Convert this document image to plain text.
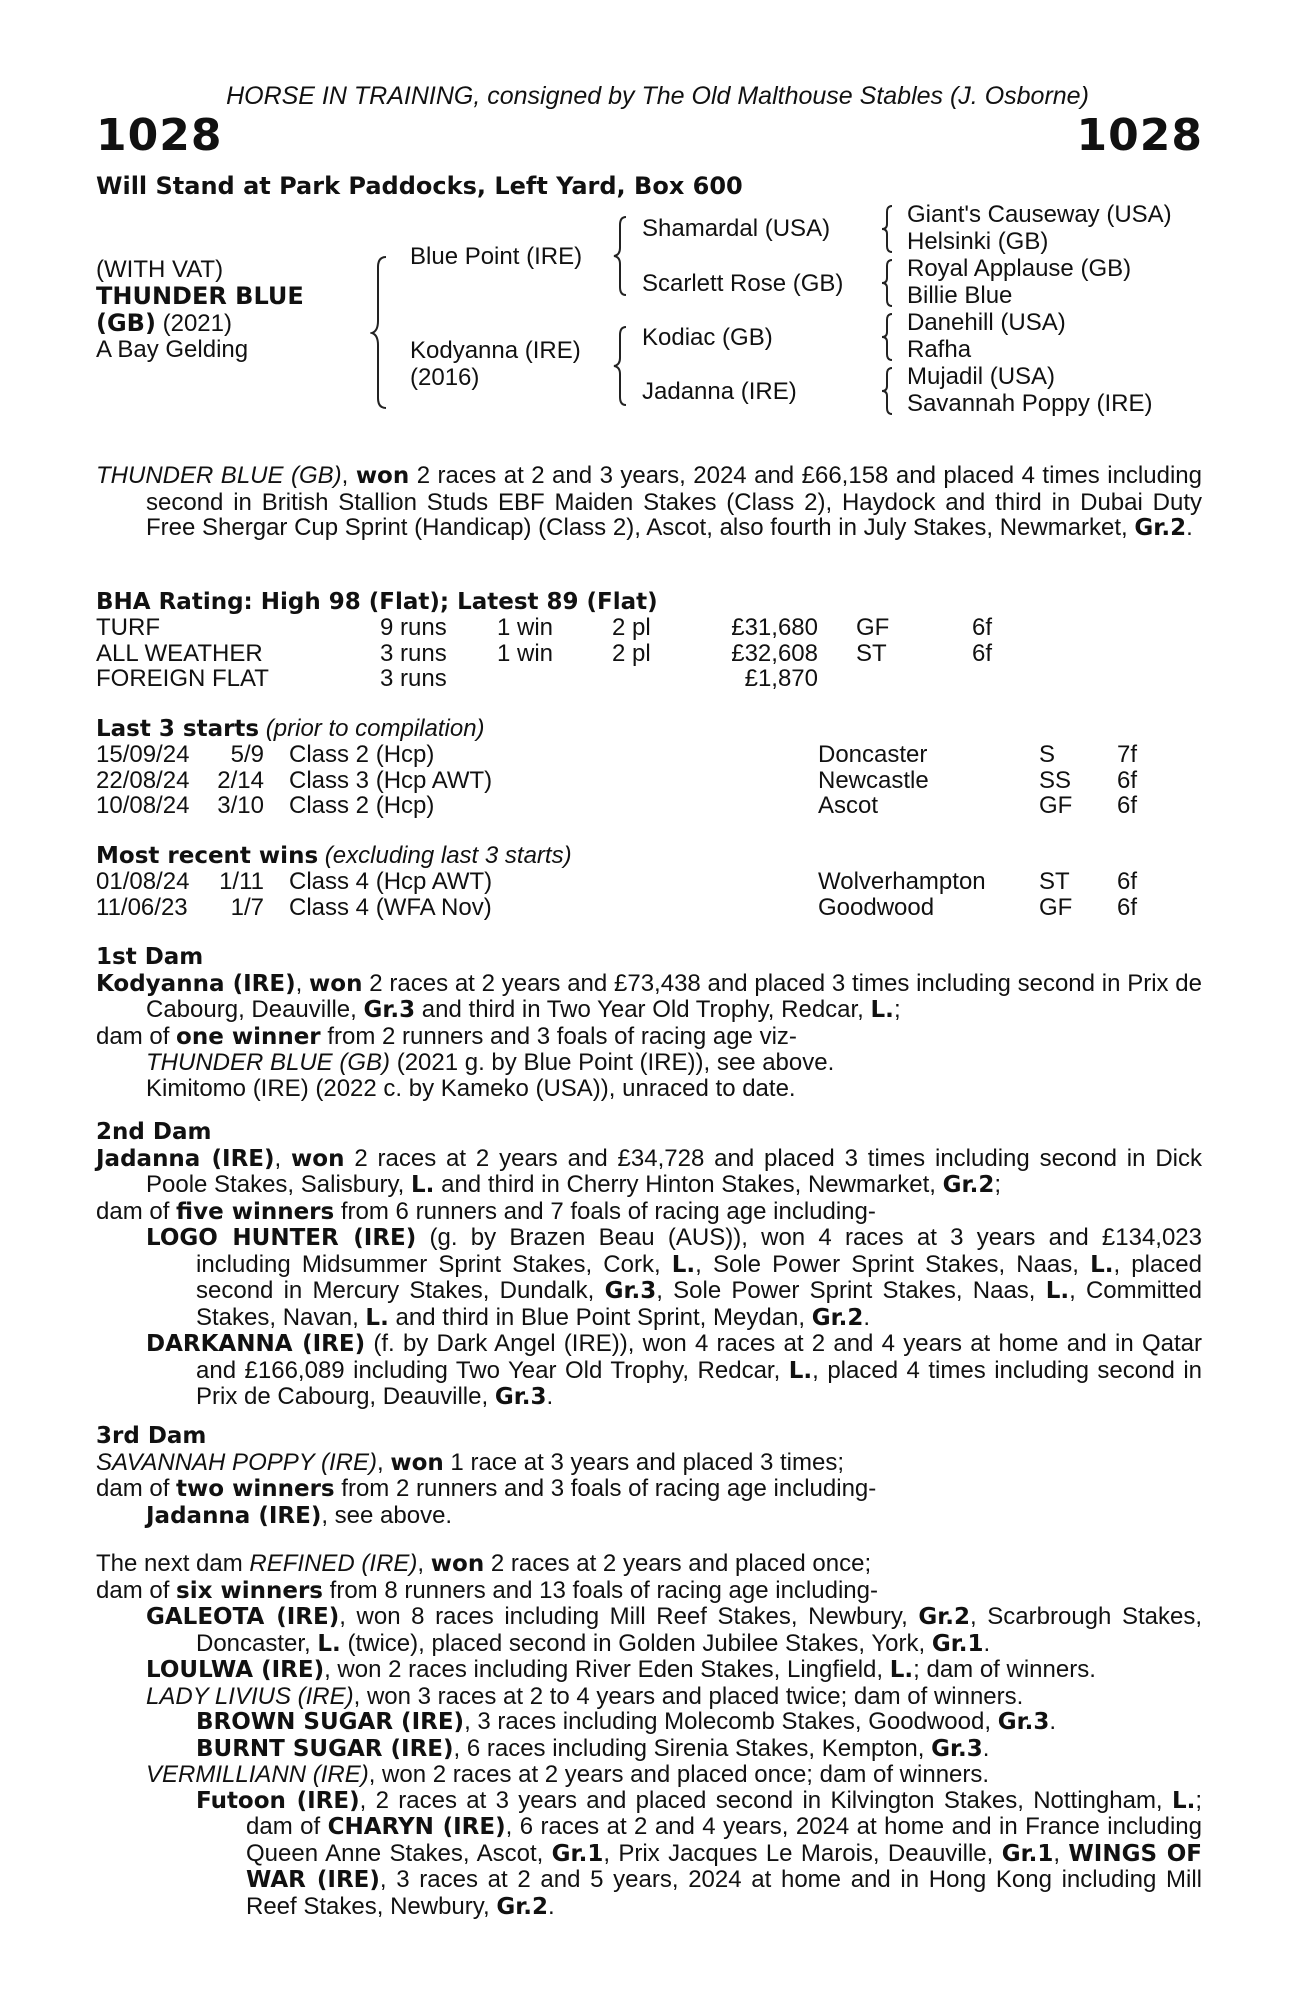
HORSE IN TRAINING, consigned by The Old Malthouse Stables (J. Osborne)
1028	1028
Will Stand at Park Paddocks, Left Yard, Box 600
(WITH VAT)
THUNDER BLUE
(GB) (2021)
A Bay Gelding
Blue Point (IRE)
Kodyanna (IRE)
(2016)
Shamardal (USA)
Scarlett Rose (GB)
Kodiac (GB)
Jadanna (IRE)
Giant's Causeway (USA)
Helsinki (GB)
Royal Applause (GB)
Billie Blue
Danehill (USA)
Rafha
Mujadil (USA)
Savannah Poppy (IRE)

THUNDER BLUE (GB), won 2 races at 2 and 3 years, 2024 and £66,158 and placed 4 times including second in British Stallion Studs EBF Maiden Stakes (Class 2), Haydock and third in Dubai Duty Free Shergar Cup Sprint (Handicap) (Class 2), Ascot, also fourth in July Stakes, Newmarket, Gr.2.

BHA Rating: High 98 (Flat); Latest 89 (Flat)
TURF	9 runs 1 win 2 pl	£31,680 GF	6f
ALL WEATHER	3 runs 1 win 2 pl	£32,608 ST	6f
FOREIGN FLAT	3 runs	£1,870
Last 3 starts (prior to compilation)
15/09/24 5/9 Class 2 (Hcp)	Doncaster	S	7f
22/08/24 2/14 Class 3 (Hcp AWT)	Newcastle	SS 6f
10/08/24 3/10 Class 2 (Hcp)	Ascot	GF 6f
Most recent wins (excluding last 3 starts)
01/08/24 1/11 Class 4 (Hcp AWT)	Wolverhampton ST 6f
11/06/23 1/7 Class 4 (WFA Nov)	Goodwood	GF 6f

1st Dam

Kodyanna (IRE), won 2 races at 2 years and £73,438 and placed 3 times including second in Prix de Cabourg, Deauville, Gr.3 and third in Two Year Old Trophy, Redcar, L.;

dam of one winner from 2 runners and 3 foals of racing age viz-

THUNDER BLUE (GB) (2021 g. by Blue Point (IRE)), see above.

Kimitomo (IRE) (2022 c. by Kameko (USA)), unraced to date.

2nd Dam

Jadanna (IRE), won 2 races at 2 years and £34,728 and placed 3 times including second in Dick Poole Stakes, Salisbury, L. and third in Cherry Hinton Stakes, Newmarket, Gr.2;

dam of five winners from 6 runners and 7 foals of racing age including-

LOGO HUNTER (IRE) (g. by Brazen Beau (AUS)), won 4 races at 3 years and £134,023 including Midsummer Sprint Stakes, Cork, L., Sole Power Sprint Stakes, Naas, L., placed second in Mercury Stakes, Dundalk, Gr.3, Sole Power Sprint Stakes, Naas, L., Committed Stakes, Navan, L. and third in Blue Point Sprint, Meydan, Gr.2.

DARKANNA (IRE) (f. by Dark Angel (IRE)), won 4 races at 2 and 4 years at home and in Qatar and £166,089 including Two Year Old Trophy, Redcar, L., placed 4 times including second in Prix de Cabourg, Deauville, Gr.3.

3rd Dam

SAVANNAH POPPY (IRE), won 1 race at 3 years and placed 3 times;

dam of two winners from 2 runners and 3 foals of racing age including-

Jadanna (IRE), see above.

The next dam REFINED (IRE), won 2 races at 2 years and placed once;

dam of six winners from 8 runners and 13 foals of racing age including-

GALEOTA (IRE), won 8 races including Mill Reef Stakes, Newbury, Gr.2, Scarbrough Stakes, Doncaster, L. (twice), placed second in Golden Jubilee Stakes, York, Gr.1.

LOULWA (IRE), won 2 races including River Eden Stakes, Lingfield, L.; dam of winners.

LADY LIVIUS (IRE), won 3 races at 2 to 4 years and placed twice; dam of winners.

BROWN SUGAR (IRE), 3 races including Molecomb Stakes, Goodwood, Gr.3.

BURNT SUGAR (IRE), 6 races including Sirenia Stakes, Kempton, Gr.3.

VERMILLIANN (IRE), won 2 races at 2 years and placed once; dam of winners.

Futoon (IRE), 2 races at 3 years and placed second in Kilvington Stakes, Nottingham, L.; dam of CHARYN (IRE), 6 races at 2 and 4 years, 2024 at home and in France including Queen Anne Stakes, Ascot, Gr.1, Prix Jacques Le Marois, Deauville, Gr.1, WINGS OF WAR (IRE), 3 races at 2 and 5 years, 2024 at home and in Hong Kong including Mill Reef Stakes, Newbury, Gr.2.
